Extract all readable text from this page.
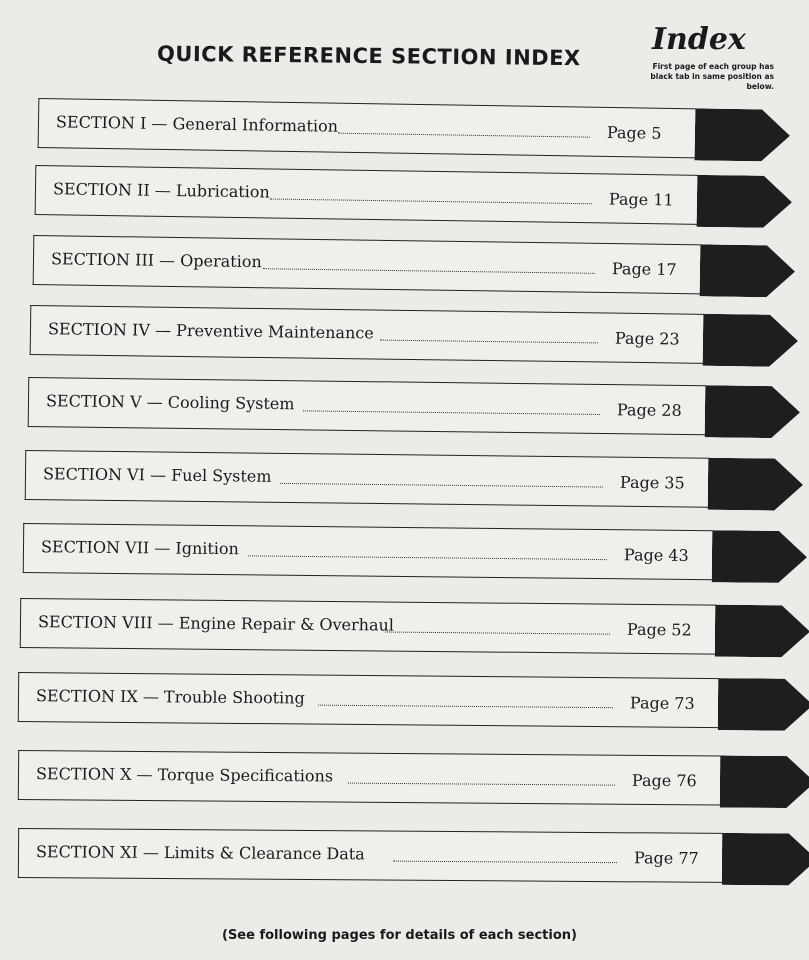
QUICK REFERENCE SECTION INDEX Index
First page of each group has black tab in same position as below.
SECTION I — General Information	Page 5
SECTION II — Lubrication	Page 11
SECTION III — Operation	Page 17
SECTION IV — Preventive Maintenance	Page 23
SECTION V — Cooling System	Page 28
SECTION VI — Fuel System	Page 35
SECTION VII — Ignition	Page 43
SECTION VIII — Engine Repair & Overhaul	Page 52
SECTION IX — Trouble Shooting	Page 73
SECTION X — Torque Specifications	Page 76
SECTION XI — Limits & Clearance Data	Page 77
(See following pages for details of each section)
